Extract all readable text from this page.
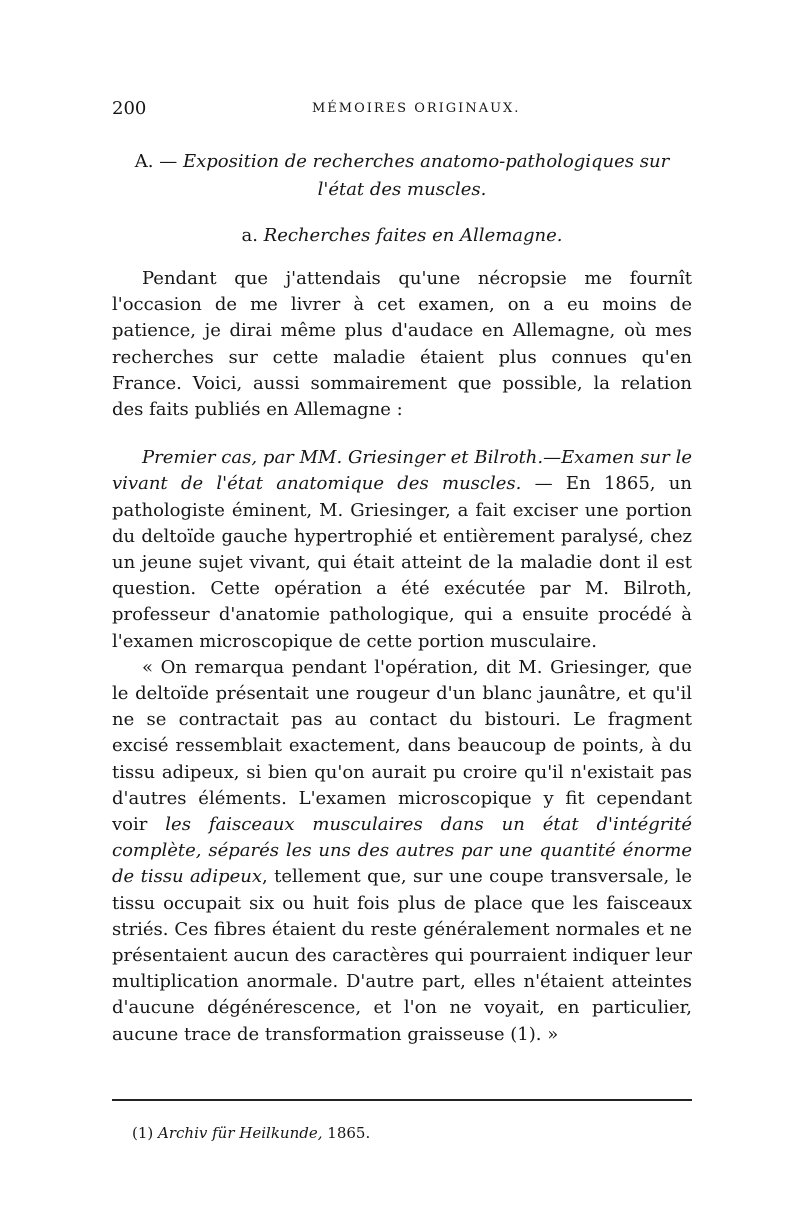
200	MÉMOIRES ORIGINAUX.
A. — Exposition de recherches anatomo-pathologiques sur l'état des muscles.
a. Recherches faites en Allemagne.

Pendant que j'attendais qu'une nécropsie me fournît l'occasion de me livrer à cet examen, on a eu moins de patience, je dirai même plus d'audace en Allemagne, où mes recherches sur cette maladie étaient plus connues qu'en France. Voici, aussi sommairement que possible, la relation des faits publiés en Allemagne :

Premier cas, par MM. Griesinger et Bilroth.—Examen sur le vivant de l'état anatomique des muscles. — En 1865, un pathologiste éminent, M. Griesinger, a fait exciser une portion du deltoïde gauche hypertrophié et entièrement paralysé, chez un jeune sujet vivant, qui était atteint de la maladie dont il est question. Cette opération a été exécutée par M. Bilroth, professeur d'anatomie pathologique, qui a ensuite procédé à l'examen microscopique de cette portion musculaire.

« On remarqua pendant l'opération, dit M. Griesinger, que le deltoïde présentait une rougeur d'un blanc jaunâtre, et qu'il ne se contractait pas au contact du bistouri. Le fragment excisé ressemblait exactement, dans beaucoup de points, à du tissu adipeux, si bien qu'on aurait pu croire qu'il n'existait pas d'autres éléments. L'examen microscopique y fit cependant voir les faisceaux musculaires dans un état d'intégrité complète, séparés les uns des autres par une quantité énorme de tissu adipeux, tellement que, sur une coupe transversale, le tissu occupait six ou huit fois plus de place que les faisceaux striés. Ces fibres étaient du reste généralement normales et ne présentaient aucun des caractères qui pourraient indiquer leur multiplication anormale. D'autre part, elles n'étaient atteintes d'aucune dégénérescence, et l'on ne voyait, en particulier, aucune trace de transformation graisseuse (1). »

(1) Archiv für Heilkunde, 1865.
